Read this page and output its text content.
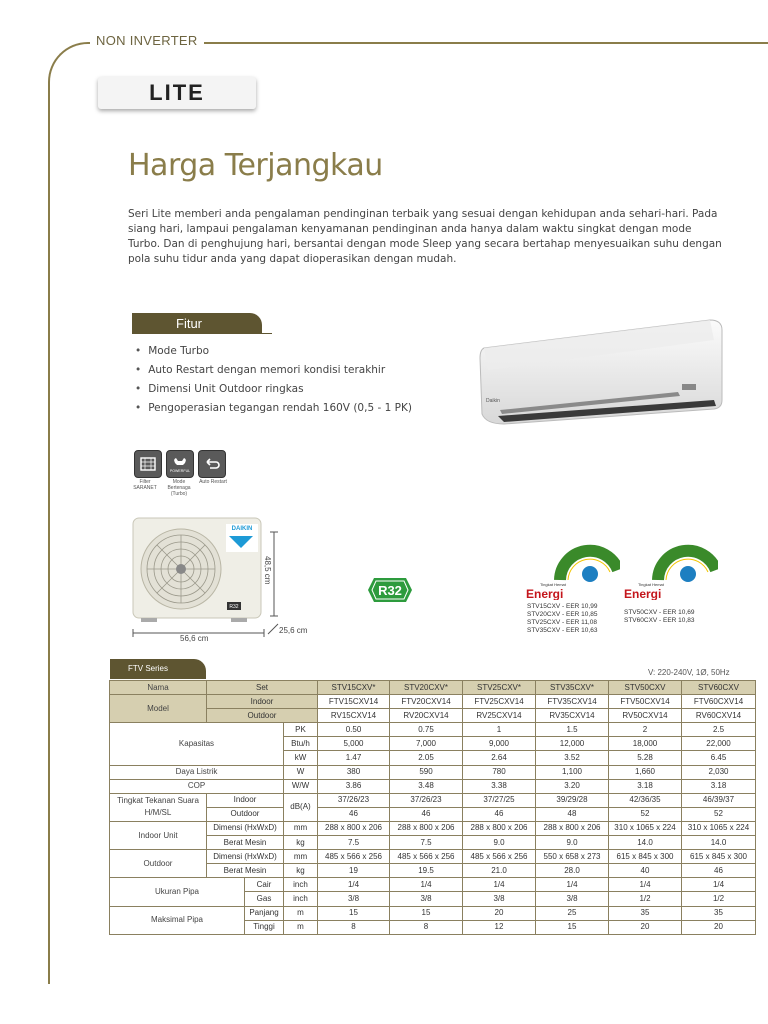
NON INVERTER
LITE
Harga Terjangkau
Seri Lite memberi anda pengalaman pendinginan terbaik yang sesuai dengan kehidupan anda sehari-hari. Pada siang hari, lampaui pengalaman kenyamanan pendinginan anda hanya dalam waktu singkat dengan mode Turbo. Dan di penghujung hari, bersantai dengan mode Sleep yang secara bertahap menyesuaikan suhu dengan pola suhu tidur anda yang dapat dioperasikan dengan mudah.
Fitur
• Mode Turbo
• Auto Restart dengan memori kondisi terakhir
• Dimensi Unit Outdoor ringkas
• Pengoperasian tegangan rendah 160V (0,5 - 1 PK)
Daikin
POWERFUL
Filter SARANET
Mode Bertenaga (Turbo)
Auto Restart
DAIKIN
R32
48,5 cm
56,6 cm
25,6 cm
R32	Tingkat Hemat
Energi
STV15CXV - EER 10,99
STV20CXV - EER 10,85
STV25CXV - EER 11,08
STV35CXV - EER 10,63
Tingkat Hemat
Energi
STV50CXV - EER 10,69
STV60CXV - EER 10,83
FTV Series	V: 220-240V, 1Ø, 50Hz
Nama	Set			STV15CXV*	STV20CXV*	STV25CXV*	STV35CXV*	STV50CXV	STV60CXV
Model	Indoor			FTV15CXV14	FTV20CXV14	FTV25CXV14	FTV35CXV14	FTV50CXV14	FTV60CXV14
	Outdoor			RV15CXV14	RV20CXV14	RV25CXV14	RV35CXV14	RV50CXV14	RV60CXV14
Kapasitas			PK	0.50	0.75	1	1.5	2	2.5
			Btu/h	5,000	7,000	9,000	12,000	18,000	22,000
			kW	1.47	2.05	2.64	3.52	5.28	6.45
Daya Listrik			W	380	590	780	1,100	1,660	2,030
COP			W/W	3.86	3.48	3.38	3.20	3.18	3.18
Tingkat Tekanan Suara H/M/SL	Indoor		dB(A)	37/26/23	37/26/23	37/27/25	39/29/28	42/36/35	46/39/37
	Outdoor			46	46	46	48	52	52
Indoor Unit	Dimensi (HxWxD)		mm	288 x 800 x 206	288 x 800 x 206	288 x 800 x 206	288 x 800 x 206	310 x 1065 x 224	310 x 1065 x 224
	Berat Mesin		kg	7.5	7.5	9.0	9.0	14.0	14.0
Outdoor	Dimensi (HxWxD)		mm	485 x 566 x 256	485 x 566 x 256	485 x 566 x 256	550 x 658 x 273	615 x 845 x 300	615 x 845 x 300
	Berat Mesin		kg	19	19.5	21.0	28.0	40	46
Ukuran Pipa		Cair	inch	1/4	1/4	1/4	1/4	1/4	1/4
		Gas	inch	3/8	3/8	3/8	3/8	1/2	1/2
Maksimal Pipa		Panjang	m	15	15	20	25	35	35
		Tinggi	m	8	8	12	15	20	20
